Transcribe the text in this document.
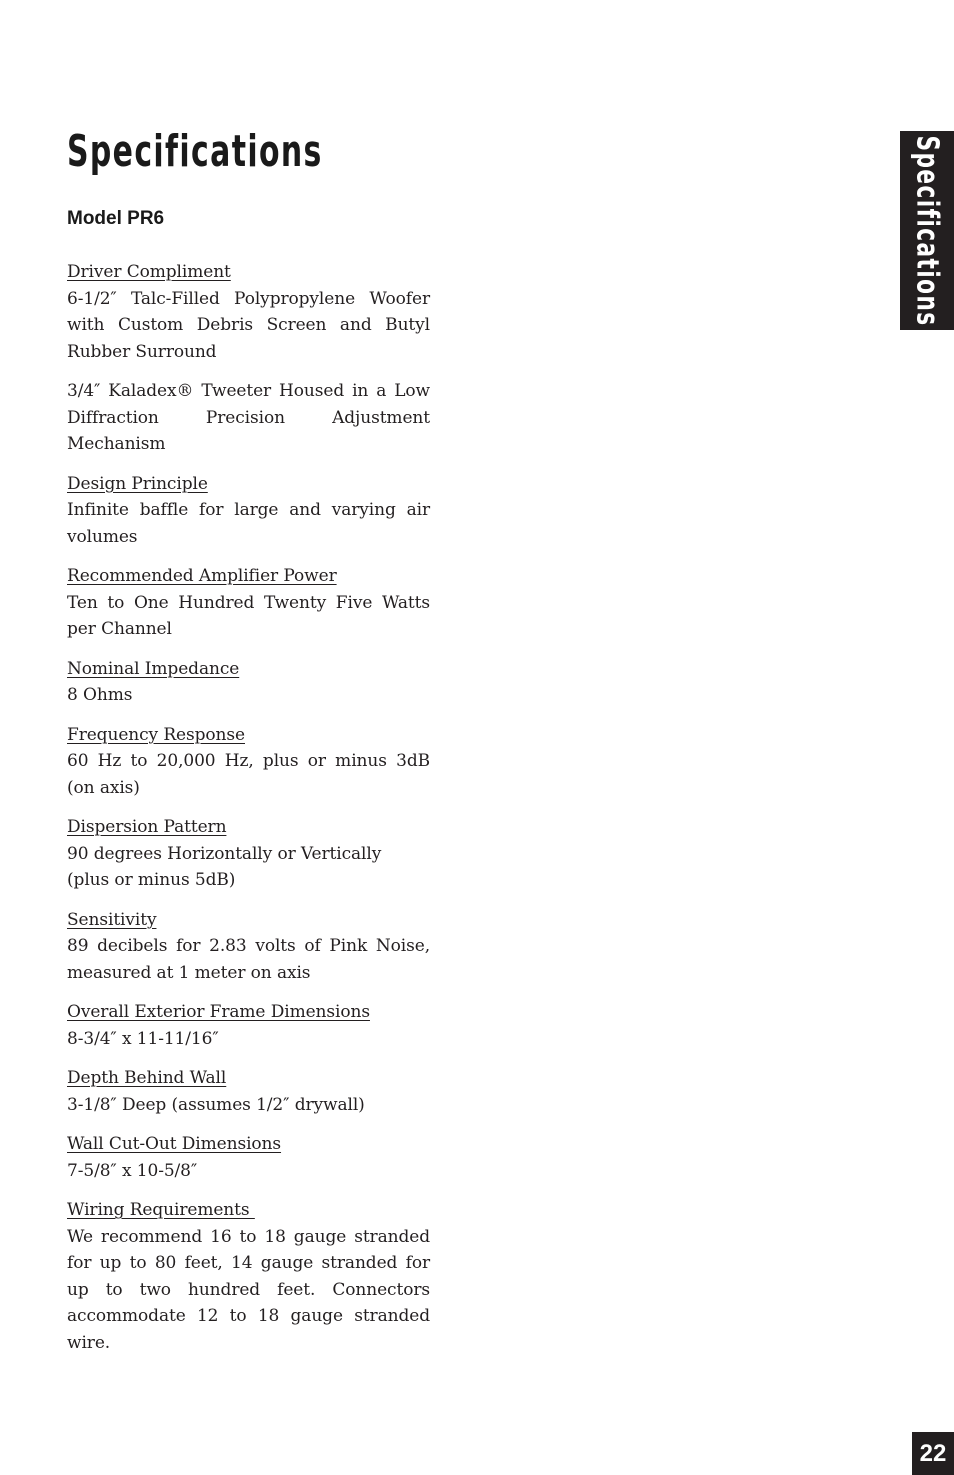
Specifications
Model PR6
Driver Compliment

6-1/2″ Talc-Filled Polypropylene Woofer with Custom Debris Screen and Butyl Rubber Surround

3/4″ Kaladex® Tweeter Housed in a Low Diffraction Precision Adjustment Mechanism

Design Principle

Infinite baffle for large and varying air volumes

Recommended Amplifier Power

Ten to One Hundred Twenty Five Watts per Channel

Nominal Impedance

8 Ohms

Frequency Response

60 Hz to 20,000 Hz, plus or minus 3dB (on axis)

Dispersion Pattern
90 degrees Horizontally or Vertically
(plus or minus 5dB)
Sensitivity

89 decibels for 2.83 volts of Pink Noise, measured at 1 meter on axis

Overall Exterior Frame Dimensions

8-3/4″ x 11-11/16″

Depth Behind Wall

3-1/8″ Deep (assumes 1/2″ drywall)

Wall Cut-Out Dimensions

7-5/8″ x 10-5/8″

Wiring Requirements

We recommend 16 to 18 gauge stranded for up to 80 feet, 14 gauge stranded for up to two hundred feet. Connectors accommodate 12 to 18 gauge stranded wire.

Specifications
22
